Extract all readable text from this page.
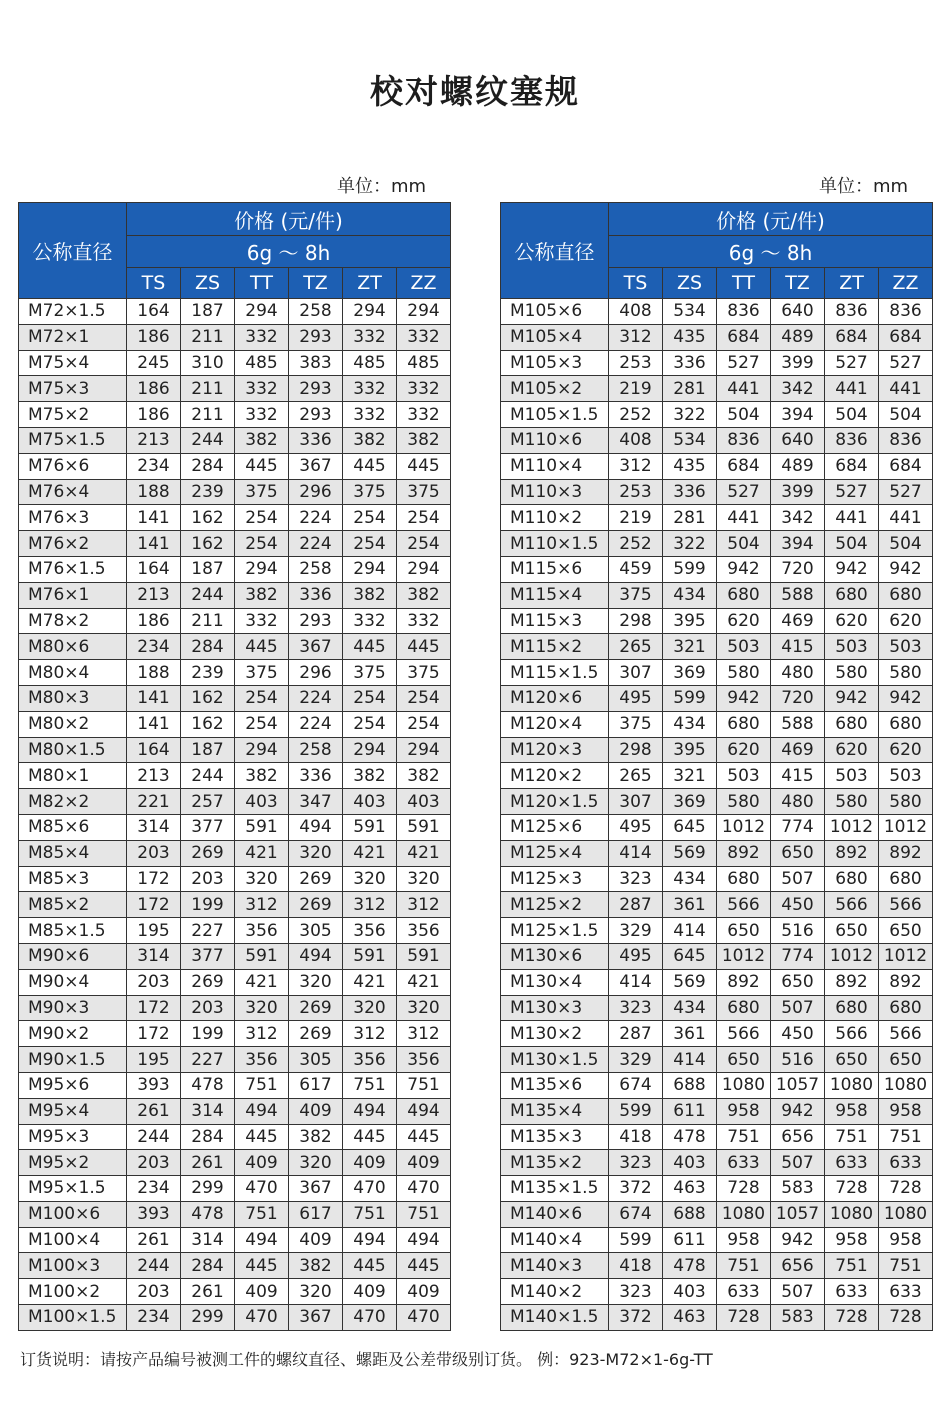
校对螺纹塞规
单位：mm	单位：mm
公称直径	价格 (元/件)					
	6g ～ 8h					
	TS	ZS	TT	TZ	ZT	ZZ
M72×1.5	164	187	294	258	294	294
M72×1	186	211	332	293	332	332
M75×4	245	310	485	383	485	485
M75×3	186	211	332	293	332	332
M75×2	186	211	332	293	332	332
M75×1.5	213	244	382	336	382	382
M76×6	234	284	445	367	445	445
M76×4	188	239	375	296	375	375
M76×3	141	162	254	224	254	254
M76×2	141	162	254	224	254	254
M76×1.5	164	187	294	258	294	294
M76×1	213	244	382	336	382	382
M78×2	186	211	332	293	332	332
M80×6	234	284	445	367	445	445
M80×4	188	239	375	296	375	375
M80×3	141	162	254	224	254	254
M80×2	141	162	254	224	254	254
M80×1.5	164	187	294	258	294	294
M80×1	213	244	382	336	382	382
M82×2	221	257	403	347	403	403
M85×6	314	377	591	494	591	591
M85×4	203	269	421	320	421	421
M85×3	172	203	320	269	320	320
M85×2	172	199	312	269	312	312
M85×1.5	195	227	356	305	356	356
M90×6	314	377	591	494	591	591
M90×4	203	269	421	320	421	421
M90×3	172	203	320	269	320	320
M90×2	172	199	312	269	312	312
M90×1.5	195	227	356	305	356	356
M95×6	393	478	751	617	751	751
M95×4	261	314	494	409	494	494
M95×3	244	284	445	382	445	445
M95×2	203	261	409	320	409	409
M95×1.5	234	299	470	367	470	470
M100×6	393	478	751	617	751	751
M100×4	261	314	494	409	494	494
M100×3	244	284	445	382	445	445
M100×2	203	261	409	320	409	409
M100×1.5	234	299	470	367	470	470
公称直径	价格 (元/件)					
	6g ～ 8h					
	TS	ZS	TT	TZ	ZT	ZZ
M105×6	408	534	836	640	836	836
M105×4	312	435	684	489	684	684
M105×3	253	336	527	399	527	527
M105×2	219	281	441	342	441	441
M105×1.5	252	322	504	394	504	504
M110×6	408	534	836	640	836	836
M110×4	312	435	684	489	684	684
M110×3	253	336	527	399	527	527
M110×2	219	281	441	342	441	441
M110×1.5	252	322	504	394	504	504
M115×6	459	599	942	720	942	942
M115×4	375	434	680	588	680	680
M115×3	298	395	620	469	620	620
M115×2	265	321	503	415	503	503
M115×1.5	307	369	580	480	580	580
M120×6	495	599	942	720	942	942
M120×4	375	434	680	588	680	680
M120×3	298	395	620	469	620	620
M120×2	265	321	503	415	503	503
M120×1.5	307	369	580	480	580	580
M125×6	495	645	1012	774	1012	1012
M125×4	414	569	892	650	892	892
M125×3	323	434	680	507	680	680
M125×2	287	361	566	450	566	566
M125×1.5	329	414	650	516	650	650
M130×6	495	645	1012	774	1012	1012
M130×4	414	569	892	650	892	892
M130×3	323	434	680	507	680	680
M130×2	287	361	566	450	566	566
M130×1.5	329	414	650	516	650	650
M135×6	674	688	1080	1057	1080	1080
M135×4	599	611	958	942	958	958
M135×3	418	478	751	656	751	751
M135×2	323	403	633	507	633	633
M135×1.5	372	463	728	583	728	728
M140×6	674	688	1080	1057	1080	1080
M140×4	599	611	958	942	958	958
M140×3	418	478	751	656	751	751
M140×2	323	403	633	507	633	633
M140×1.5	372	463	728	583	728	728
订货说明：请按产品编号被测工件的螺纹直径、螺距及公差带级别订货。 例：923-M72×1-6g-TT
